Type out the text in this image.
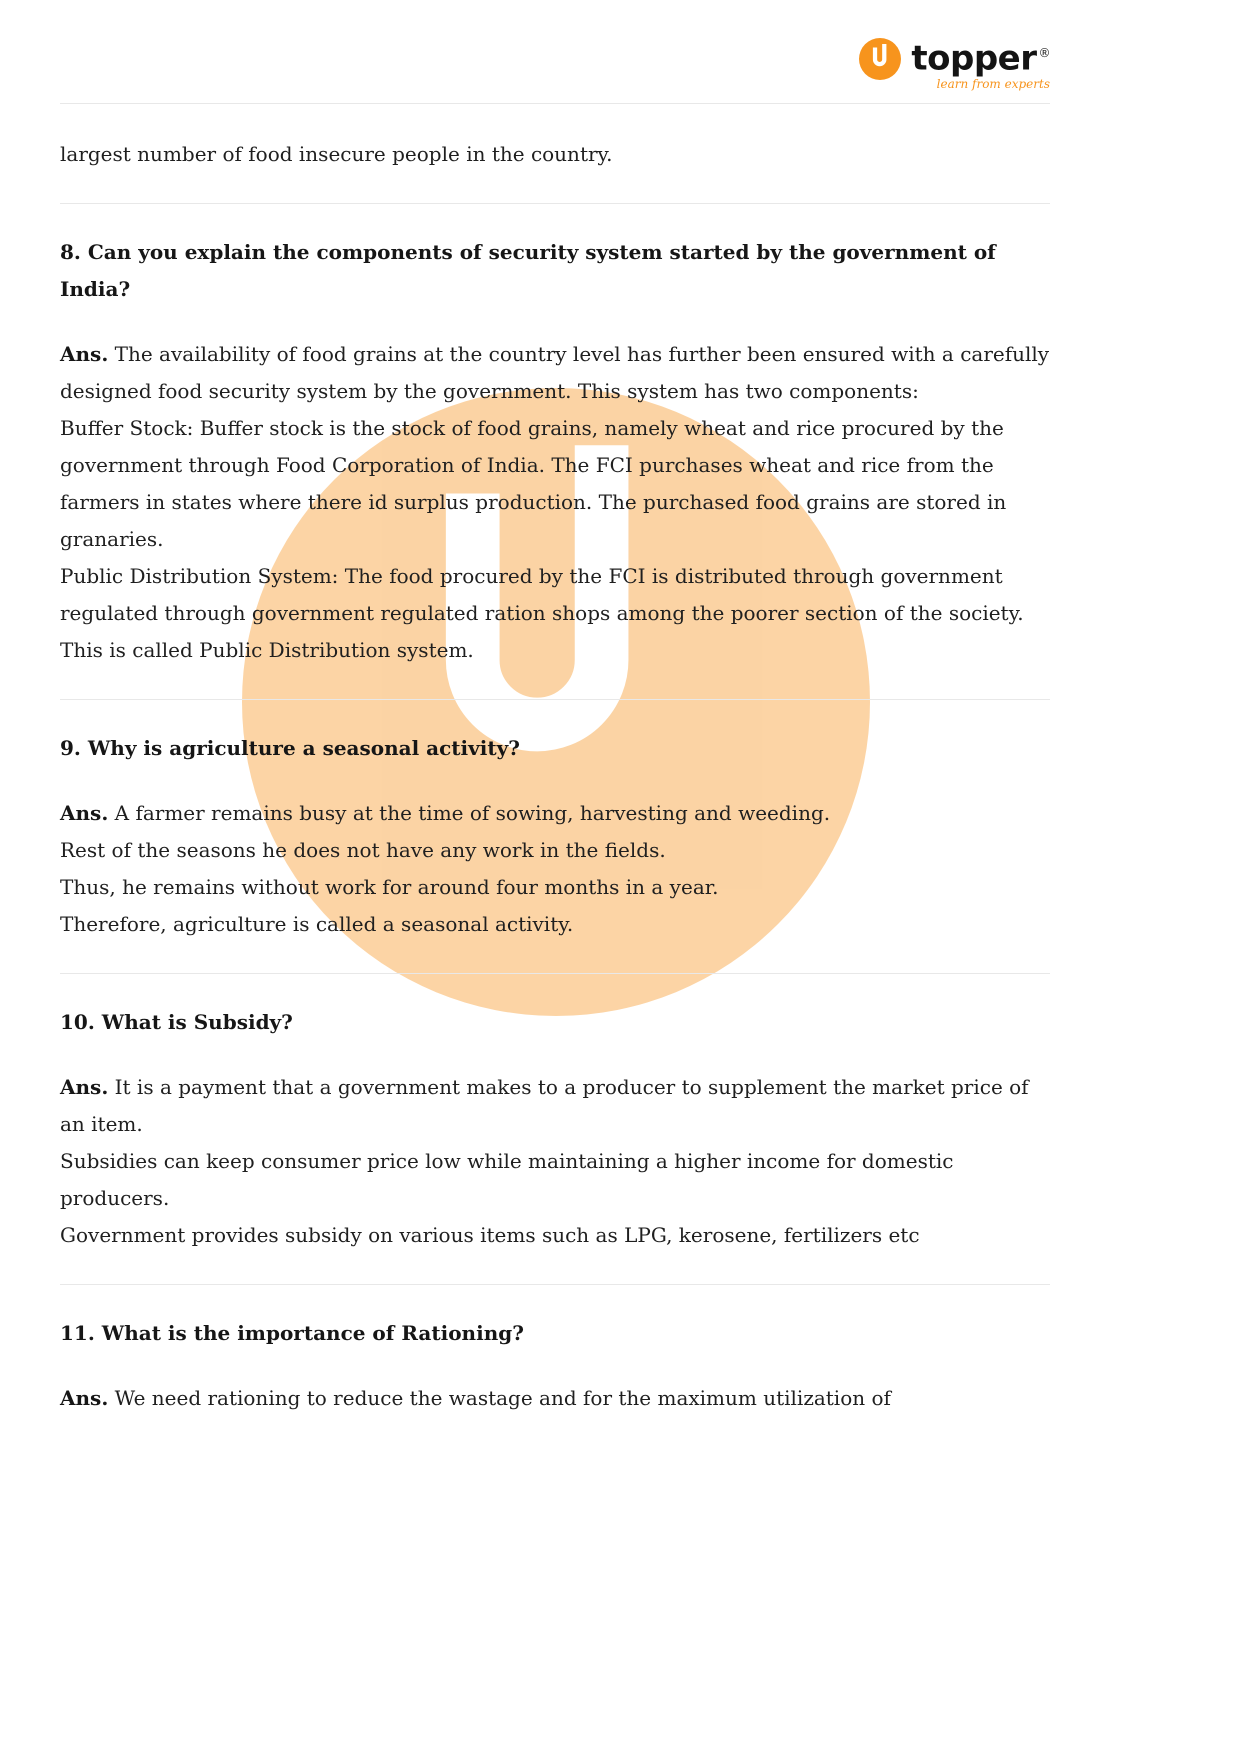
topper ®
learn from experts

largest number of food insecure people in the country.

8. Can you explain the components of security system started by the government of India?

Ans. The availability of food grains at the country level has further been ensured with a carefully designed food security system by the government. This system has two components:

Buffer Stock: Buffer stock is the stock of food grains, namely wheat and rice procured by the government through Food Corporation of India. The FCI purchases wheat and rice from the farmers in states where there id surplus production. The purchased food grains are stored in granaries.

Public Distribution System: The food procured by the FCI is distributed through government regulated through government regulated ration shops among the poorer section of the society. This is called Public Distribution system.

9. Why is agriculture a seasonal activity?

Ans. A farmer remains busy at the time of sowing, harvesting and weeding.

Rest of the seasons he does not have any work in the fields.

Thus, he remains without work for around four months in a year.

Therefore, agriculture is called a seasonal activity.

10. What is Subsidy?

Ans. It is a payment that a government makes to a producer to supplement the market price of an item.

Subsidies can keep consumer price low while maintaining a higher income for domestic producers.

Government provides subsidy on various items such as LPG, kerosene, fertilizers etc

11. What is the importance of Rationing?

Ans. We need rationing to reduce the wastage and for the maximum utilization of
